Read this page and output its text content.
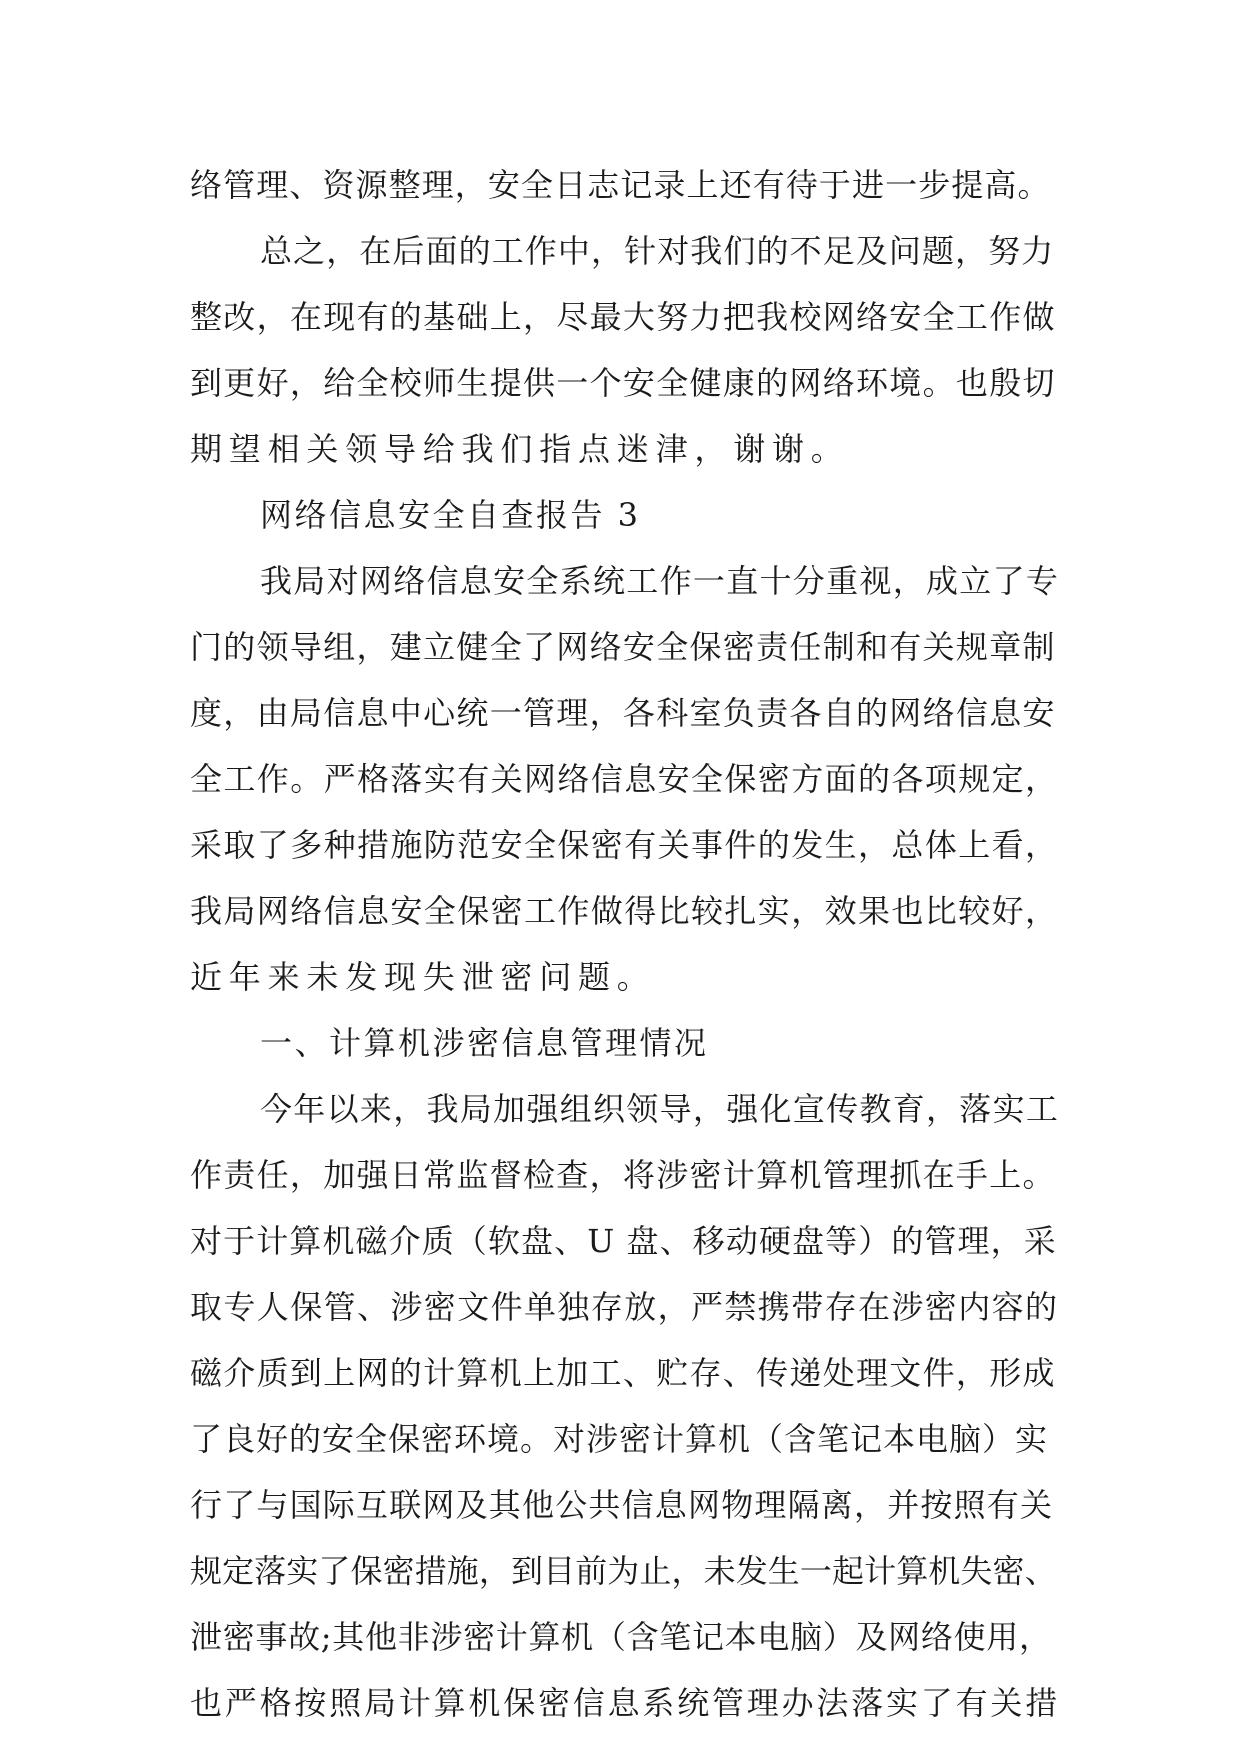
络管理、资源整理，安全日志记录上还有待于进一步提高。
总之，在后面的工作中，针对我们的不足及问题，努力
整改，在现有的基础上，尽最大努力把我校网络安全工作做
到更好，给全校师生提供一个安全健康的网络环境。也殷切
期望相关领导给我们指点迷津，谢谢。
网络信息安全自查报告 3
我局对网络信息安全系统工作一直十分重视，成立了专
门的领导组，建立健全了网络安全保密责任制和有关规章制
度，由局信息中心统一管理，各科室负责各自的网络信息安
全工作。严格落实有关网络信息安全保密方面的各项规定，
采取了多种措施防范安全保密有关事件的发生，总体上看，
我局网络信息安全保密工作做得比较扎实，效果也比较好，
近年来未发现失泄密问题。
一、计算机涉密信息管理情况
今年以来，我局加强组织领导，强化宣传教育，落实工
作责任，加强日常监督检查，将涉密计算机管理抓在手上。
对于计算机磁介质（软盘、U 盘、移动硬盘等）的管理，采
取专人保管、涉密文件单独存放，严禁携带存在涉密内容的
磁介质到上网的计算机上加工、贮存、传递处理文件，形成
了良好的安全保密环境。对涉密计算机（含笔记本电脑）实
行了与国际互联网及其他公共信息网物理隔离，并按照有关
规定落实了保密措施，到目前为止，未发生一起计算机失密、
泄密事故;其他非涉密计算机（含笔记本电脑）及网络使用，
也严格按照局计算机保密信息系统管理办法落实了有关措
